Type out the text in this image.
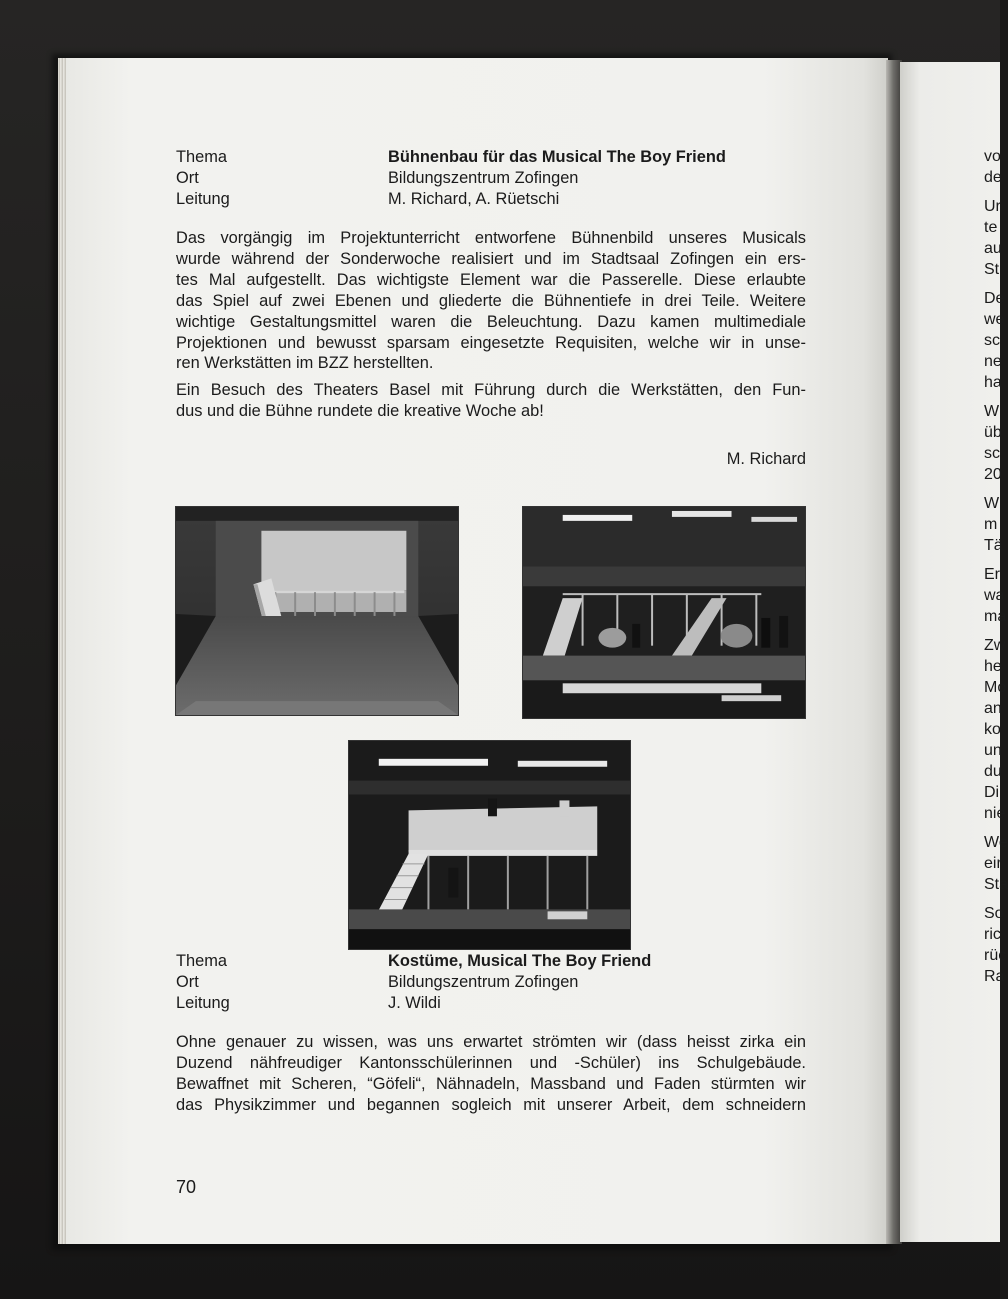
vo
de
Ur
te
au
St
De
we
sc
ne
ha
W
üb
sc
20
W
m
Tä
Er
wa
ma
Zw
he
Mo
an
ko
un
du
Di
nie
We
eir
Sta
So
ric
rüc
Ra
Thema
Ort
Leitung
Bühnenbau für das Musical The Boy Friend
Bildungszentrum Zofingen
M. Richard, A. Rüetschi
Das vorgängig im Projektunterricht entworfene Bühnenbild unseres Musicals
wurde während der Sonderwoche realisiert und im Stadtsaal Zofingen ein ers-
tes Mal aufgestellt. Das wichtigste Element war die Passerelle. Diese erlaubte
das Spiel auf zwei Ebenen und gliederte die Bühnentiefe in drei Teile. Weitere
wichtige Gestaltungsmittel waren die Beleuchtung. Dazu kamen multimediale
Projektionen und bewusst sparsam eingesetzte Requisiten, welche wir in unse-
ren Werkstätten im BZZ herstellten.
Ein Besuch des Theaters Basel mit Führung durch die Werkstätten, den Fun-
dus und die Bühne rundete die kreative Woche ab!
M. Richard
Thema
Ort
Leitung
Kostüme, Musical The Boy Friend
Bildungszentrum Zofingen
J. Wildi
Ohne genauer zu wissen, was uns erwartet strömten wir (dass heisst zirka ein
Duzend nähfreudiger Kantonsschülerinnen und -Schüler) ins Schulgebäude.
Bewaffnet mit Scheren, “Göfeli“, Nähnadeln, Massband und Faden stürmten wir
das Physikzimmer und begannen sogleich mit unserer Arbeit, dem schneidern
70
